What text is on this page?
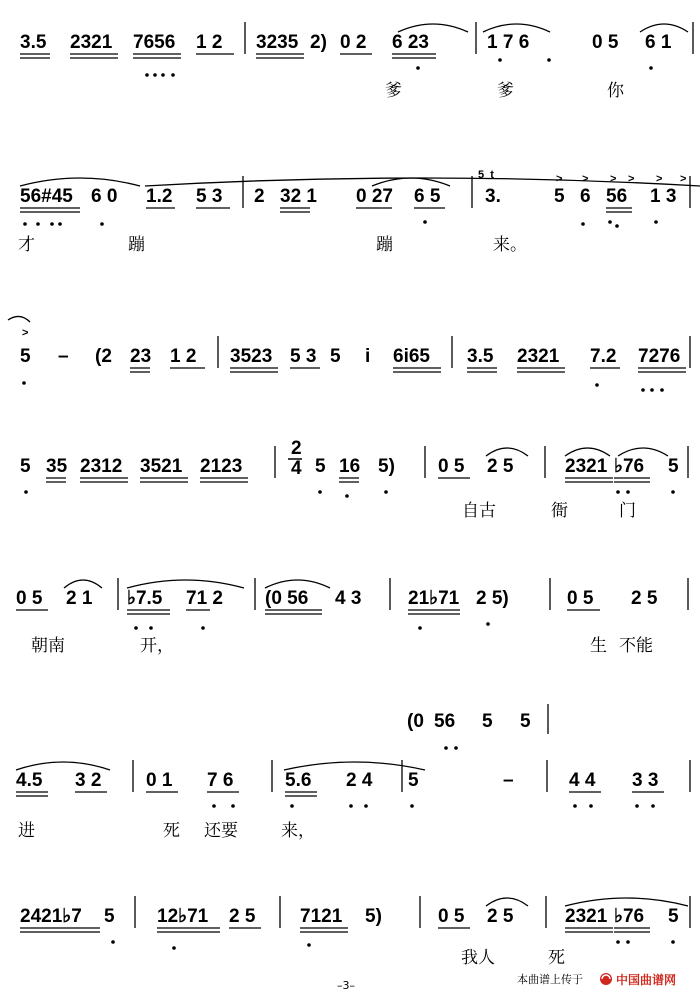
3.5 2321 7656 1 2 3235 2) 0 2 6 23	1 7 6	0 5 6 1
56#45 6 0 1.2 5 3 2 32 1 0 27 6 5 3.	5 6 56 1 3
5 – (2 23 1 2 3523 5 3 5 i 6i65 3.5 2321 7.2 7276
5 35 2312 3521 2123	5 16 5) 0 5 2 5	2321 ♭76 5
0 5 2 1 ♭7.5 71 2 (0 56 4 3 21♭71 2 5)	0 5 2 5
4.5 3 2 0 1 7 6	5.6 2 4 5	–	4 4 3 3
(0 56 5 5
2421♭7 5 12♭71 2 5 7121 5)	0 5 2 5	2321 ♭76 5
> > > > > >
>
爹	爹	你
才	蹦	蹦	来。
自古	衙	门
朝南	开，	生 不能
进	死 还要	来，
我人	死
2
4
5  t
–3–	本曲谱上传于	中国曲谱网
